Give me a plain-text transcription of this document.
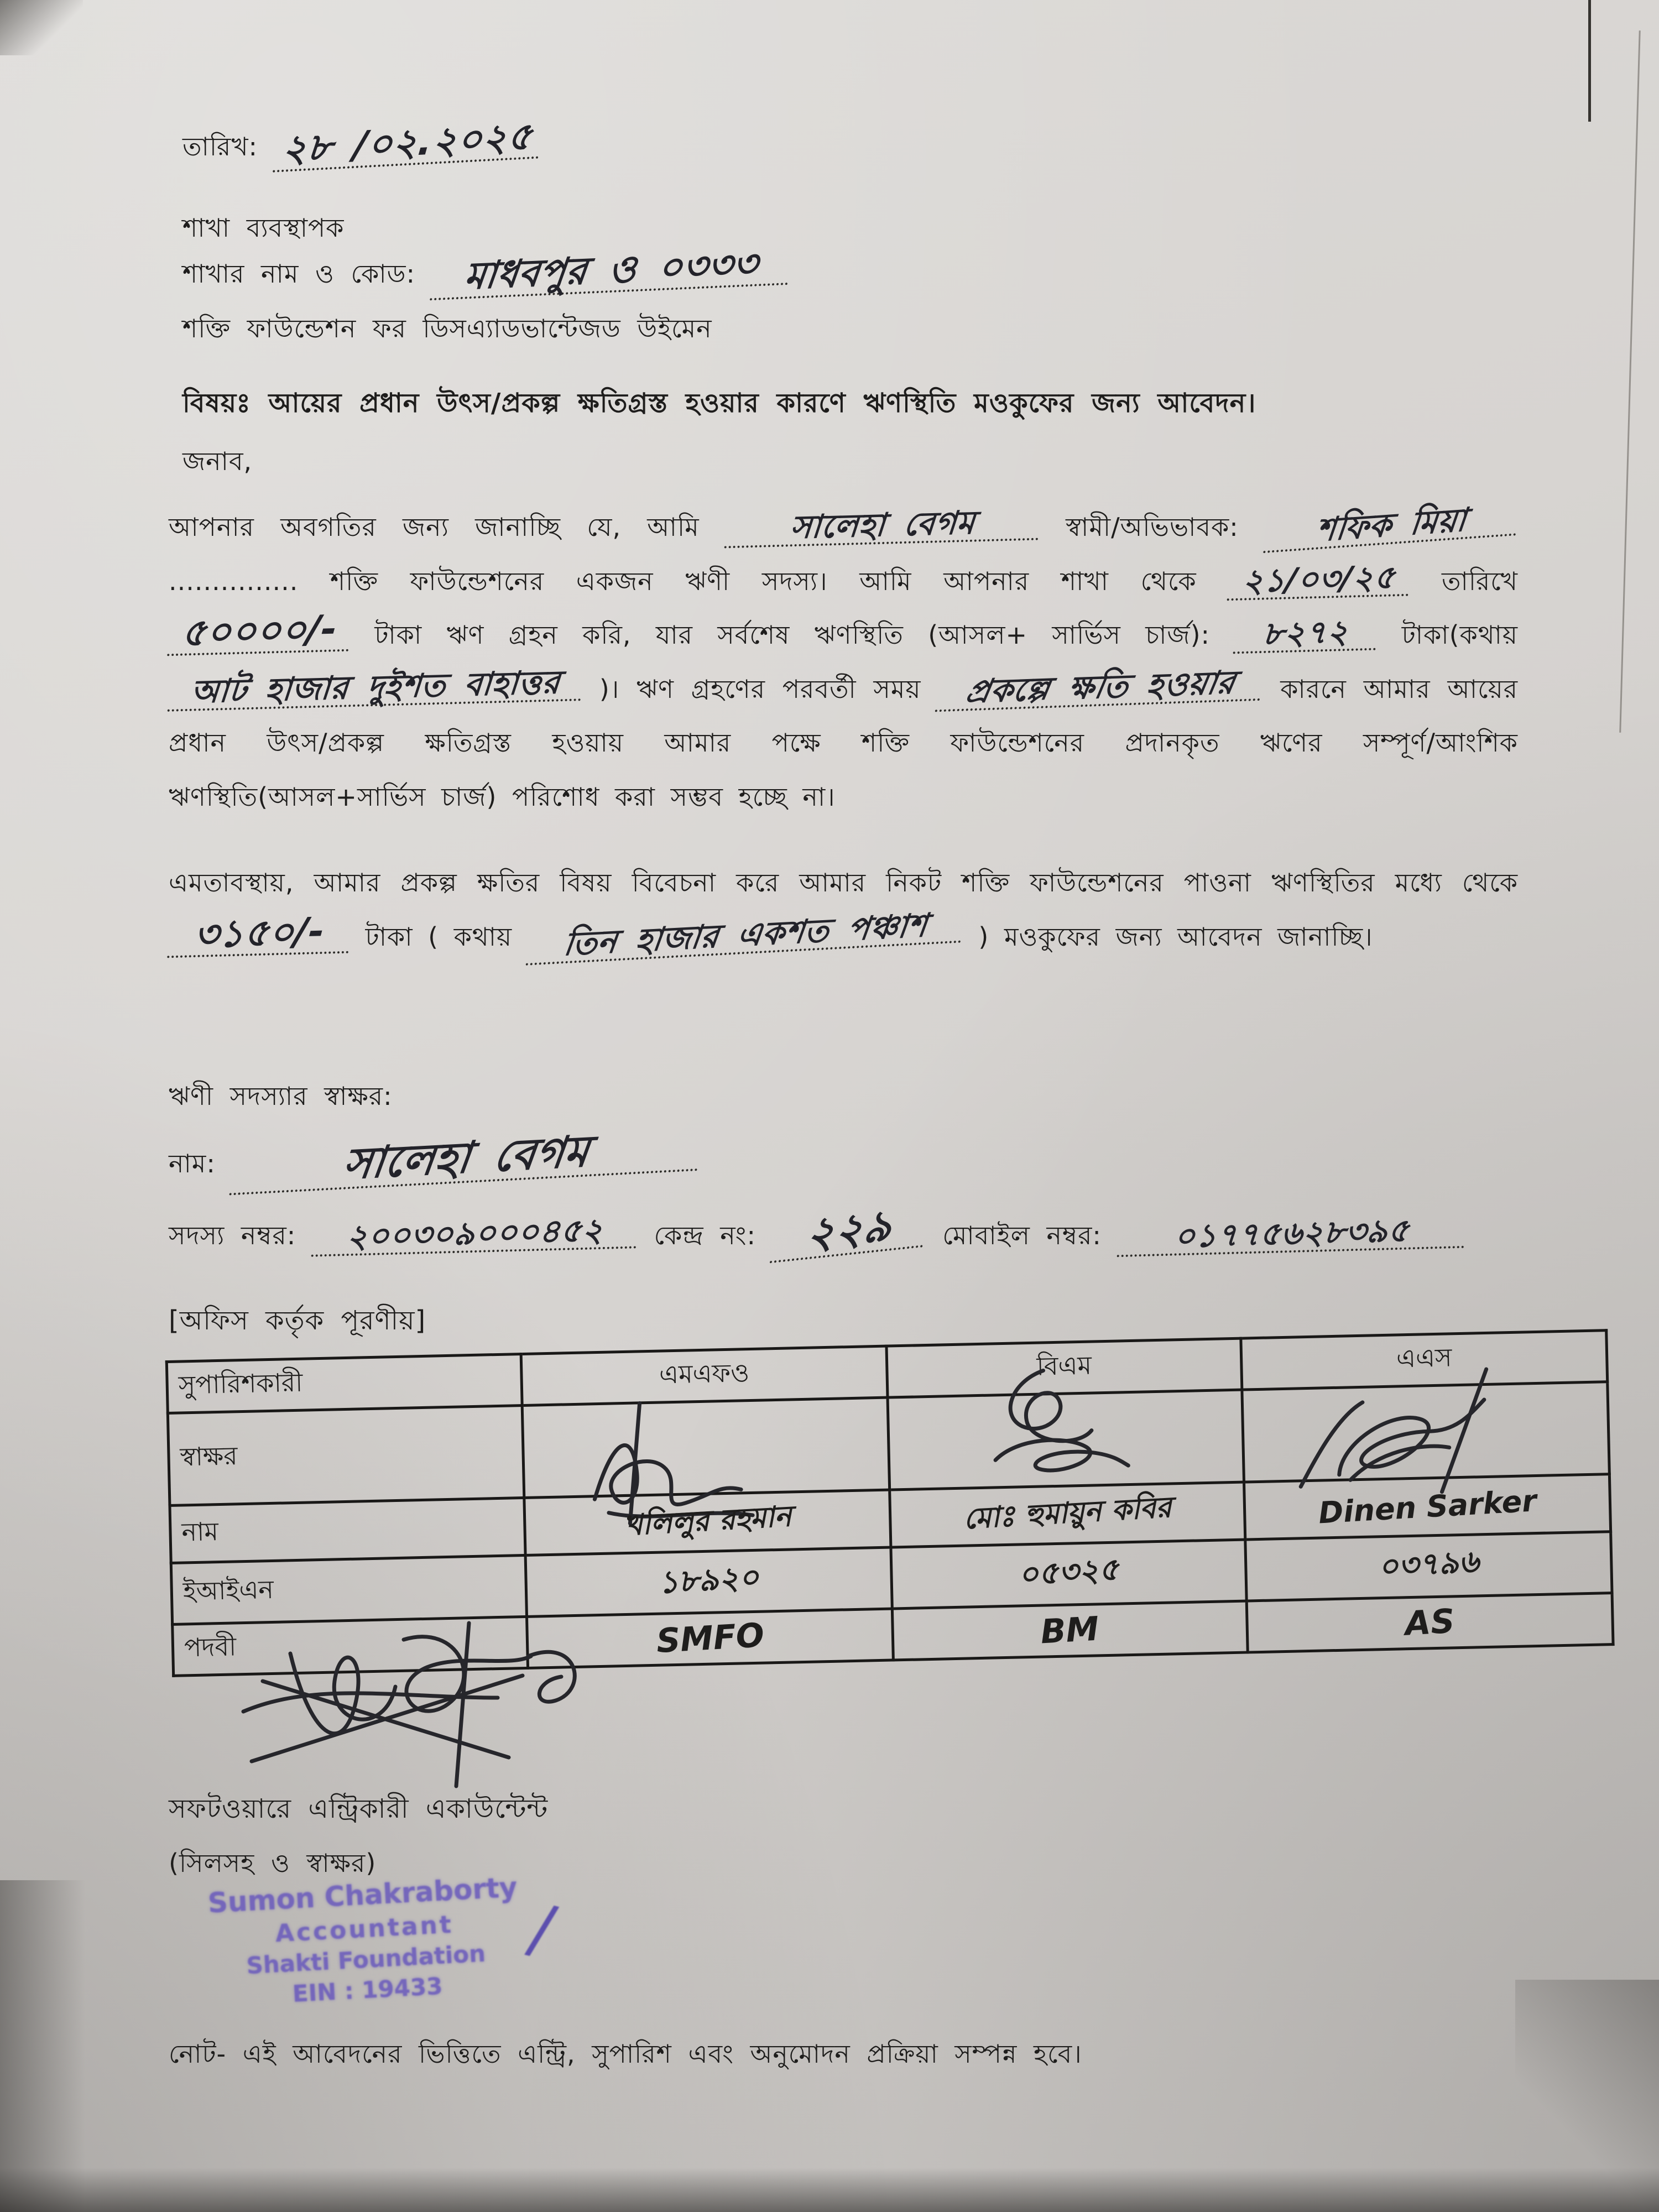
তারিখ: ২৮ /০২.২০২৫
শাখা ব্যবস্থাপক
শাখার নাম ও কোড: মাধবপুর ও ০৩৩৩
শক্তি ফাউন্ডেশন ফর ডিসএ্যাডভান্টেজড উইমেন
বিষয়ঃ আয়ের প্রধান উৎস/প্রকল্প ক্ষতিগ্রস্ত হওয়ার কারণে ঋণস্থিতি মওকুফের জন্য আবেদন।
জনাব,
আপনার অবগতির জন্য জানাচ্ছি যে, আমি	সালেহা বেগম	স্বামী/অভিভাবক: শফিক মিয়া ............... শক্তি ফাউন্ডেশনের একজন ঋণী সদস্য। আমি আপনার শাখা থেকে ২১/০৩/২৫ তারিখে ৫০০০০/- টাকা ঋণ গ্রহন করি, যার সর্বশেষ ঋণস্থিতি (আসল+ সার্ভিস চার্জ): ৮২৭২ টাকা(কথায় আট হাজার দুইশত বাহাত্তর )। ঋণ গ্রহণের পরবর্তী সময় প্রকল্পে ক্ষতি হওয়ার কারনে আমার আয়ের প্রধান উৎস/প্রকল্প ক্ষতিগ্রস্ত হওয়ায় আমার পক্ষে শক্তি ফাউন্ডেশনের প্রদানকৃত ঋণের সম্পূর্ণ/আংশিক ঋণস্থিতি(আসল+সার্ভিস চার্জ) পরিশোধ করা সম্ভব হচ্ছে না।
এমতাবস্থায়, আমার প্রকল্প ক্ষতির বিষয় বিবেচনা করে আমার নিকট শক্তি ফাউন্ডেশনের পাওনা ঋণস্থিতির মধ্যে থেকে ৩১৫০/- টাকা ( কথায় তিন হাজার একশত পঞ্চাশ ) মওকুফের জন্য আবেদন জানাচ্ছি।
ঋণী সদস্যার স্বাক্ষর:
নাম:	সালেহা বেগম
সদস্য নম্বর: ২০০৩০৯০০০৪৫২ কেন্দ্র নং: ২২৯ মোবাইল নম্বর: ০১৭৭৫৬২৮৩৯৫
[অফিস কর্তৃক পূরণীয়]
সুপারিশকারী	এমএফও	বিএম	এএস
স্বাক্ষর	

নাম	খলিলুর রহমান	মোঃ হুমায়ুন কবির	Dinen Sarker
ইআইএন	১৮৯২০	০৫৩২৫	০৩৭৯৬
পদবী	SMFO	BM	AS
সফটওয়ারে এন্ট্রিকারী একাউন্টেন্ট
(সিলসহ ও স্বাক্ষর)
Sumon Chakraborty
Accountant
Shakti Foundation
EIN : 19433
/
নোট- এই আবেদনের ভিত্তিতে এন্ট্রি, সুপারিশ এবং অনুমোদন প্রক্রিয়া সম্পন্ন হবে।
